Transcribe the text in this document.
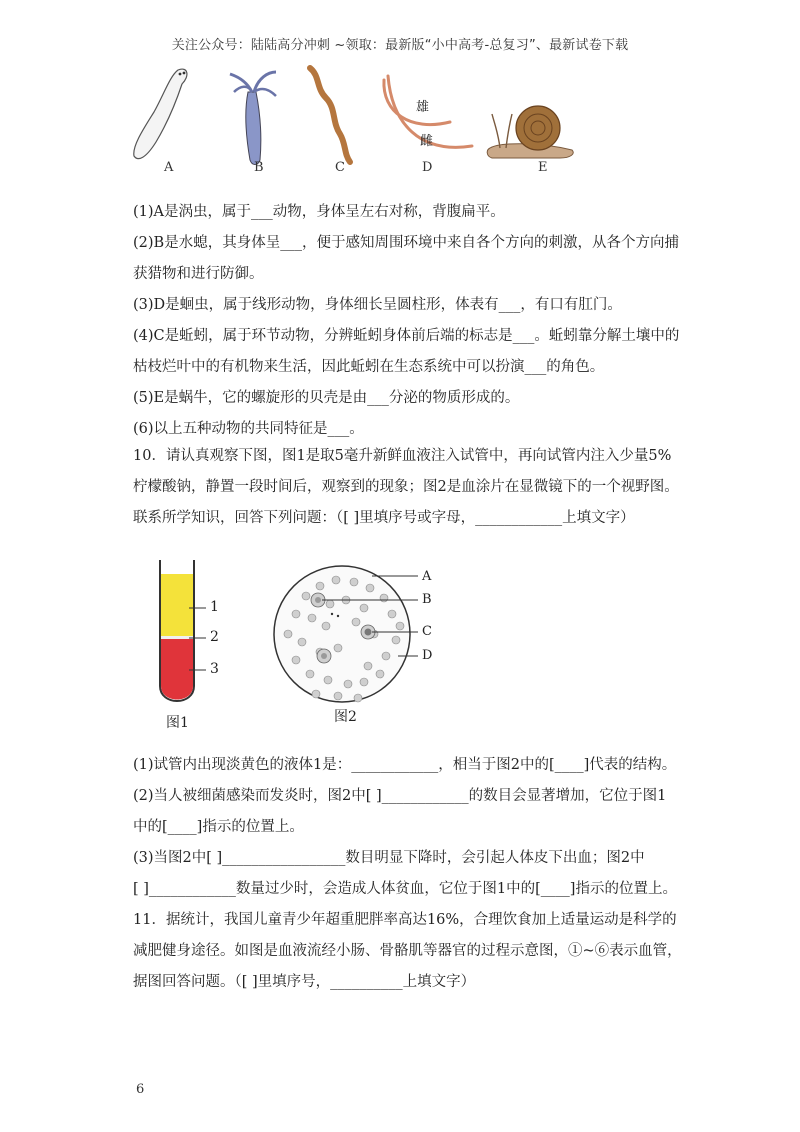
关注公众号：陆陆高分冲刺 ~领取：最新版“小中高考-总复习”、最新试卷下载
雄
雌
A	B	C	D	E

(1)A是涡虫，属于___动物，身体呈左右对称，背腹扁平。

(2)B是水螅，其身体呈___，便于感知周围环境中来自各个方向的刺激，从各个方向捕

获猎物和进行防御。

(3)D是蛔虫，属于线形动物，身体细长呈圆柱形，体表有___，有口有肛门。

(4)C是蚯蚓，属于环节动物，分辨蚯蚓身体前后端的标志是___。蚯蚓靠分解土壤中的

枯枝烂叶中的有机物来生活，因此蚯蚓在生态系统中可以扮演___的角色。

(5)E是蜗牛，它的螺旋形的贝壳是由___分泌的物质形成的。

(6)以上五种动物的共同特征是___。

10．请认真观察下图，图1是取5毫升新鲜血液注入试管中，再向试管内注入少量5%

柠檬酸钠，静置一段时间后，观察到的现象；图2是血涂片在显微镜下的一个视野图。

联系所学知识，回答下列问题：（[ ]里填序号或字母，____________上填文字）

1
2
3
图1
A
B
C
D
图2

(1)试管内出现淡黄色的液体1是：____________，相当于图2中的[____]代表的结构。

(2)当人被细菌感染而发炎时，图2中[ ]____________的数目会显著增加，它位于图1

中的[____]指示的位置上。

(3)当图2中[ ]_________________数目明显下降时，会引起人体皮下出血；图2中

[ ]____________数量过少时，会造成人体贫血，它位于图1中的[____]指示的位置上。

11．据统计，我国儿童青少年超重肥胖率高达16%，合理饮食加上适量运动是科学的

减肥健身途径。如图是血液流经小肠、骨骼肌等器官的过程示意图，①~⑥表示血管，

据图回答问题。（[ ]里填序号，__________上填文字）

6
